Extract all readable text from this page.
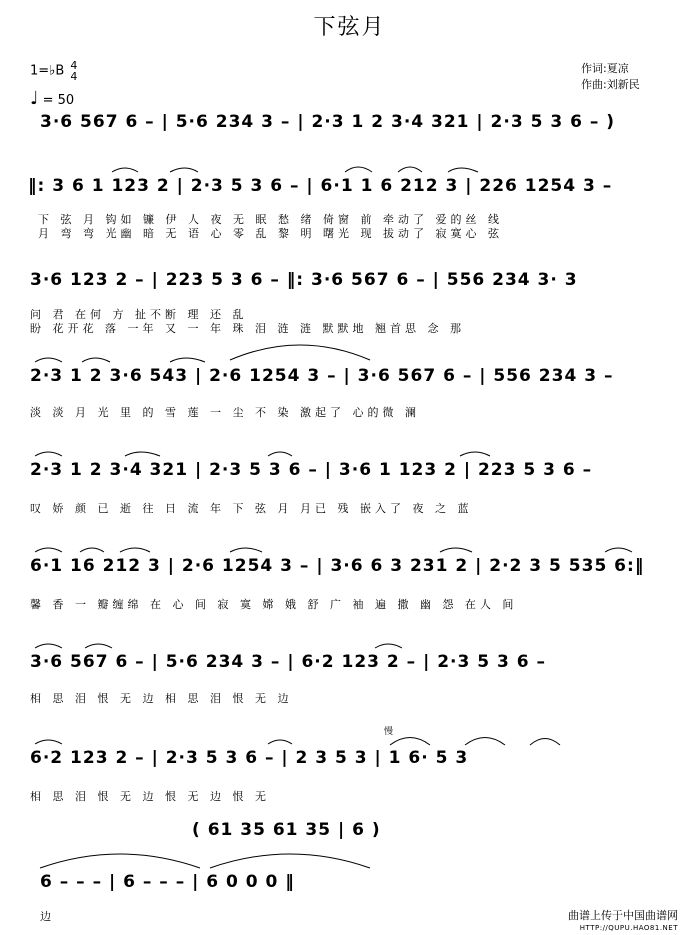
下弦月
1=♭B 4
4
♩ = 50
作词:夏凉
作曲:刘新民
3·6 567 6 – | 5·6 234 3 – | 2·3 1 2 3·4 321 | 2·3 5 3 6 – )
‖: 3 6 1 123 2 | 2·3 5 3 6 – | 6·1 1 6 212 3 | 226 1254 3 –
下 弦 月 钩如 镰 伊 人 夜 无 眠 愁 绪 倚窗 前 牵动了 爱的丝 线
月 弯 弯 光幽 暗 无 语 心 零 乱 黎 明 曙光 现 拔动了 寂寞心 弦
3·6 123 2 – | 223 5 3 6 – ‖: 3·6 567 6 – | 556 234 3· 3
问 君 在何 方 扯不断 理 还 乱
盼 花开花 落 一年 又 一 年 珠 泪 涟 涟 默默地 翘首思 念 那
2·3 1 2 3·6 543 | 2·6 1254 3 – | 3·6 567 6 – | 556 234 3 –
淡 淡 月 光 里 的 雪 莲 一 尘 不 染 激起了 心的微 澜
2·3 1 2 3·4 321 | 2·3 5 3 6 – | 3·6 1 123 2 | 223 5 3 6 –
叹 娇 颜 已 逝 往 日 流 年 下 弦 月 月已 残 嵌入了 夜 之 蓝
6·1 16 212 3 | 2·6 1254 3 – | 3·6 6 3 231 2 | 2·2 3 5 535 6:‖
馨 香 一 瓣缠绵 在 心 间 寂 寞 嫦 娥 舒 广 袖 遍 撒 幽 怨 在人 间
3·6 567 6 – | 5·6 234 3 – | 6·2 123 2 – | 2·3 5 3 6 –
相 思 泪 恨 无 边 相 思 泪 恨 无 边
慢
6·2 123 2 – | 2·3 5 3 6 – | 2 3 5 3 | 1 6· 5 3
相 思 泪 恨 无 边 恨 无 边 恨 无
( 61 35 61 35 | 6 )
6 – – – | 6 – – – | 6 0 0 0 ‖
边	曲谱上传于中国曲谱网
HTTP://QUPU.HAO81.NET
